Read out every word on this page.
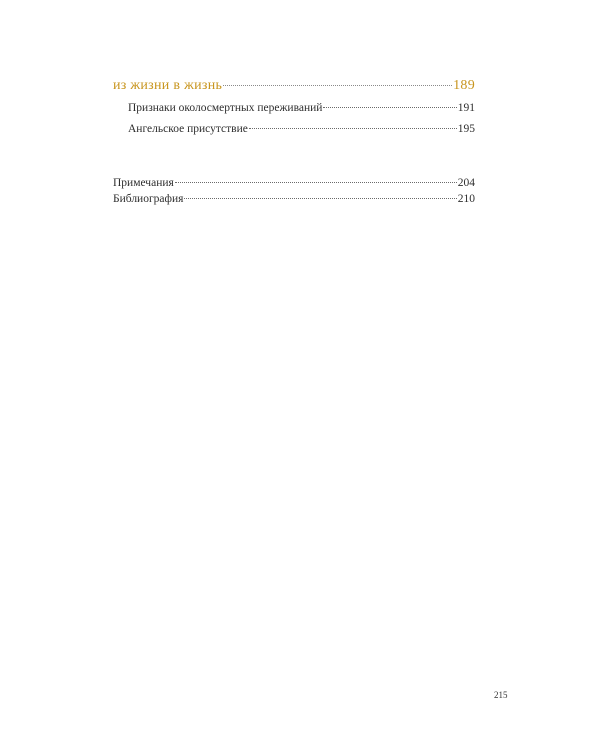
из жизни в жизнь	189
Признаки околосмертных переживаний	191
Ангельское присутствие	195
Примечания	204
Библиография	210
215
